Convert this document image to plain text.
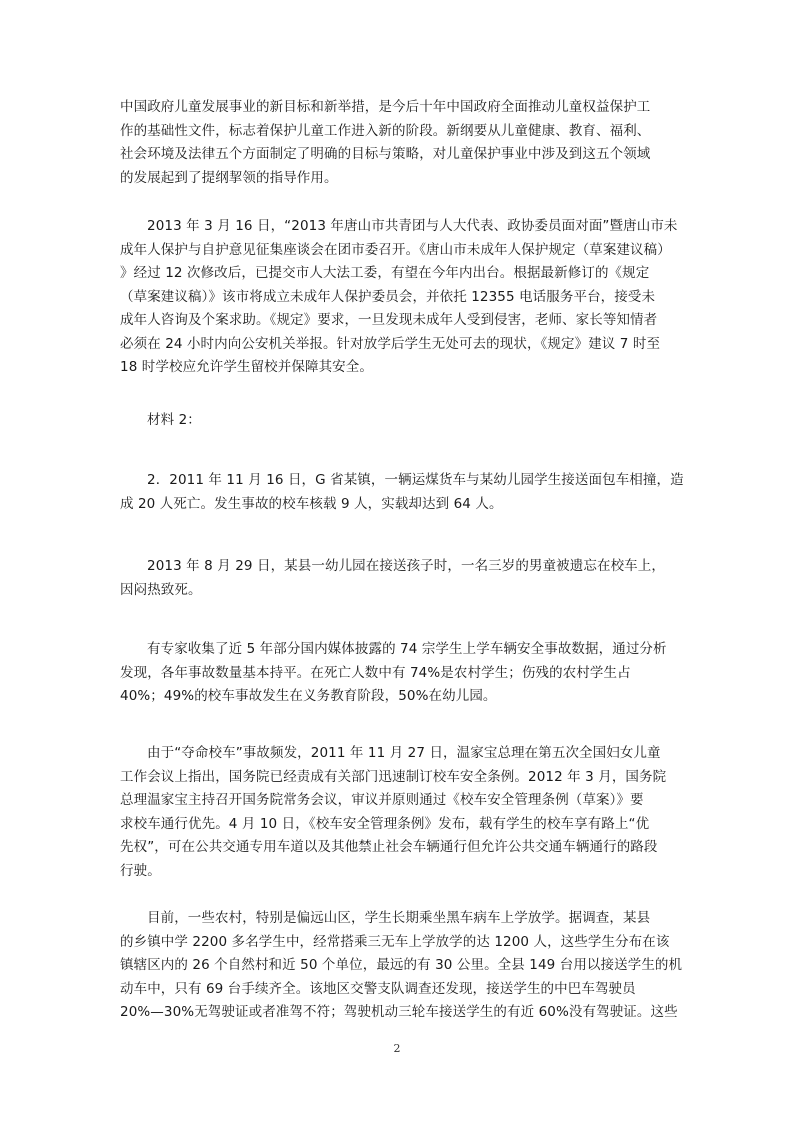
中国政府儿童发展事业的新目标和新举措，是今后十年中国政府全面推动儿童权益保护工
作的基础性文件，标志着保护儿童工作进入新的阶段。新纲要从儿童健康、教育、福利、
社会环境及法律五个方面制定了明确的目标与策略，对儿童保护事业中涉及到这五个领域
的发展起到了提纲挈领的指导作用。
2013 年 3 月 16 日，“2013 年唐山市共青团与人大代表、政协委员面对面”暨唐山市未
成年人保护与自护意见征集座谈会在团市委召开。《唐山市未成年人保护规定（草案建议稿）
》经过 12 次修改后，已提交市人大法工委，有望在今年内出台。根据最新修订的《规定
（草案建议稿）》该市将成立未成年人保护委员会，并依托 12355 电话服务平台，接受未
成年人咨询及个案求助。《规定》要求，一旦发现未成年人受到侵害，老师、家长等知情者
必须在 24 小时内向公安机关举报。针对放学后学生无处可去的现状，《规定》建议 7 时至
18 时学校应允许学生留校并保障其安全。
材料 2：
2．2011 年 11 月 16 日，G 省某镇，一辆运煤货车与某幼儿园学生接送面包车相撞，造
成 20 人死亡。发生事故的校车核载 9 人，实载却达到 64 人。
2013 年 8 月 29 日，某县一幼儿园在接送孩子时，一名三岁的男童被遗忘在校车上，
因闷热致死。
有专家收集了近 5 年部分国内媒体披露的 74 宗学生上学车辆安全事故数据，通过分析
发现，各年事故数量基本持平。在死亡人数中有 74%是农村学生；伤残的农村学生占
40%；49%的校车事故发生在义务教育阶段，50%在幼儿园。
由于“夺命校车”事故频发，2011 年 11 月 27 日，温家宝总理在第五次全国妇女儿童
工作会议上指出，国务院已经责成有关部门迅速制订校车安全条例。2012 年 3 月，国务院
总理温家宝主持召开国务院常务会议，审议并原则通过《校车安全管理条例（草案）》要
求校车通行优先。4 月 10 日，《校车安全管理条例》发布，载有学生的校车享有路上“优
先权”，可在公共交通专用车道以及其他禁止社会车辆通行但允许公共交通车辆通行的路段
行驶。
目前，一些农村，特别是偏远山区，学生长期乘坐黑车病车上学放学。据调查，某县
的乡镇中学 2200 多名学生中，经常搭乘三无车上学放学的达 1200 人，这些学生分布在该
镇辖区内的 26 个自然村和近 50 个单位，最远的有 30 公里。全县 149 台用以接送学生的机
动车中，只有 69 台手续齐全。该地区交警支队调查还发现，接送学生的中巴车驾驶员
20%—30%无驾驶证或者准驾不符；驾驶机动三轮车接送学生的有近 60%没有驾驶证。这些
2
